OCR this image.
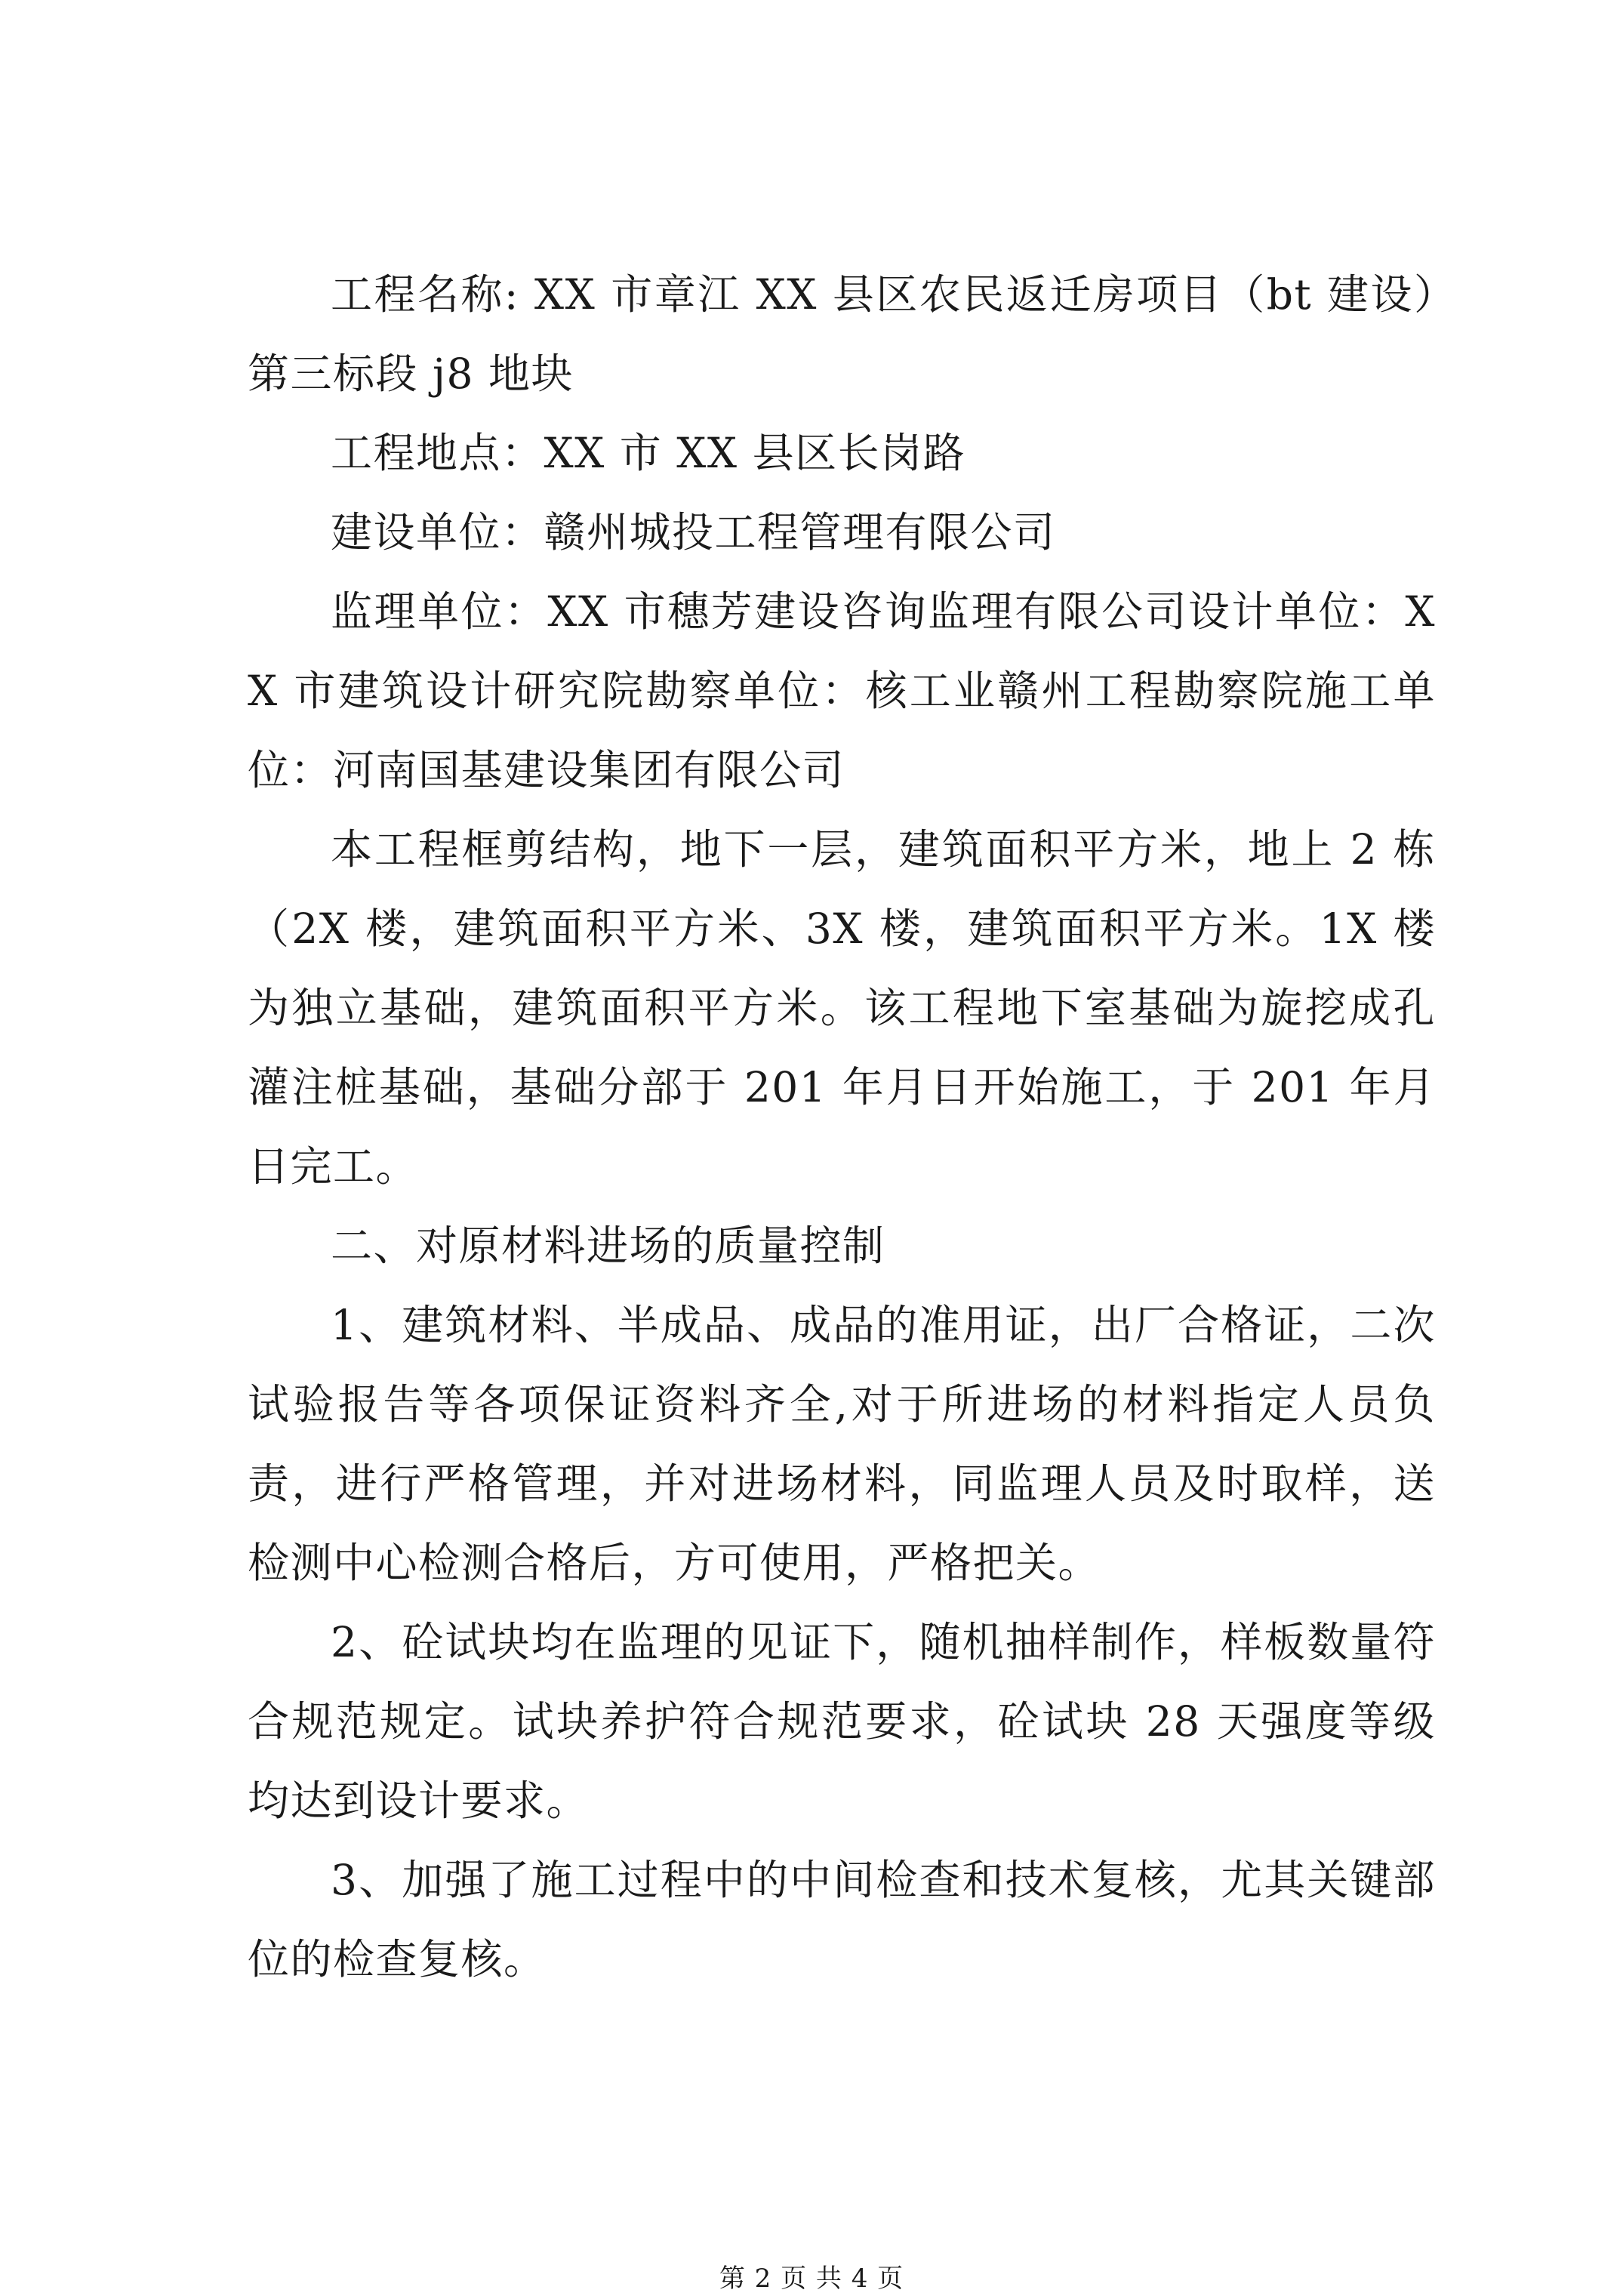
工程名称: XX 市章江 XX 县区农民返迁房项目（bt 建设）第三标段 j8 地块

工程地点：XX 市 XX 县区长岗路

建设单位：赣州城投工程管理有限公司

监理单位：XX 市穗芳建设咨询监理有限公司设计单位：XX 市建筑设计研究院勘察单位：核工业赣州工程勘察院施工单位：河南国基建设集团有限公司

本工程框剪结构，地下一层，建筑面积平方米，地上 2 栋（2X 楼，建筑面积平方米、3X 楼，建筑面积平方米。1X 楼为独立基础，建筑面积平方米。该工程地下室基础为旋挖成孔灌注桩基础，基础分部于 201 年月日开始施工，于 201 年月日完工。

二、对原材料进场的质量控制

1、建筑材料、半成品、成品的准用证，出厂合格证，二次试验报告等各项保证资料齐全,对于所进场的材料指定人员负责，进行严格管理，并对进场材料，同监理人员及时取样，送检测中心检测合格后，方可使用，严格把关。

2、砼试块均在监理的见证下，随机抽样制作，样板数量符合规范规定。试块养护符合规范要求，砼试块 28 天强度等级均达到设计要求。

3、加强了施工过程中的中间检查和技术复核，尤其关键部位的检查复核。

第 2 页 共 4 页
